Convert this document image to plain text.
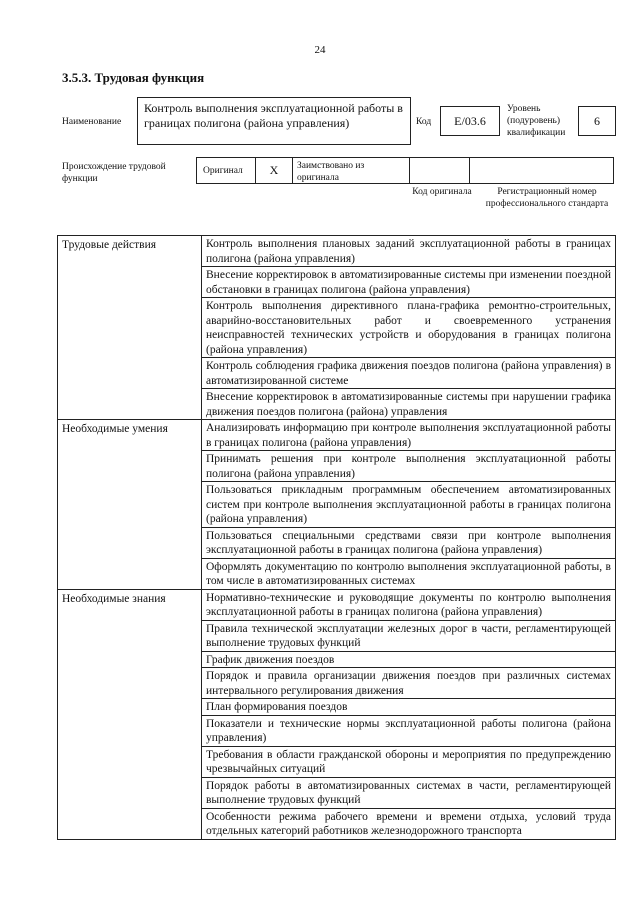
24
3.5.3. Трудовая функция
Наименование
Контроль выполнения эксплуатационной работы в границах полигона (района управления)	Код	E/03.6
Уровень (подуровень) квалификации
6
Происхождение трудовой функции
Оригинал	X	Заимствовано из оригинала
Код оригинала	Регистрационный номер профессионального стандарта
Трудовые действия	Контроль выполнения плановых заданий эксплуатационной работы в границах полигона (района управления)
	Внесение корректировок в автоматизированные системы при изменении поездной обстановки в границах полигона (района управления)
	Контроль выполнения директивного плана-графика ремонтно-строительных, аварийно-восстановительных работ и своевременного устранения неисправностей технических устройств и оборудования в границах полигона (района управления)
	Контроль соблюдения графика движения поездов полигона (района управления) в автоматизированной системе
	Внесение корректировок в автоматизированные системы при нарушении графика движения поездов полигона (района) управления
Необходимые умения	Анализировать информацию при контроле выполнения эксплуатационной работы в границах полигона (района управления)
	Принимать решения при контроле выполнения эксплуатационной работы полигона (района управления)
	Пользоваться прикладным программным обеспечением автоматизированных систем при контроле выполнения эксплуатационной работы в границах полигона (района управления)
	Пользоваться специальными средствами связи при контроле выполнения эксплуатационной работы в границах полигона (района управления)
	Оформлять документацию по контролю выполнения эксплуатационной работы, в том числе в автоматизированных системах
Необходимые знания	Нормативно-технические и руководящие документы по контролю выполнения эксплуатационной работы в границах полигона (района управления)
	Правила технической эксплуатации железных дорог в части, регламентирующей выполнение трудовых функций
	График движения поездов
	Порядок и правила организации движения поездов при различных системах интервального регулирования движения
	План формирования поездов
	Показатели и технические нормы эксплуатационной работы полигона (района управления)
	Требования в области гражданской обороны и мероприятия по предупреждению чрезвычайных ситуаций
	Порядок работы в автоматизированных системах в части, регламентирующей выполнение трудовых функций
	Особенности режима рабочего времени и времени отдыха, условий труда отдельных категорий работников железнодорожного транспорта
